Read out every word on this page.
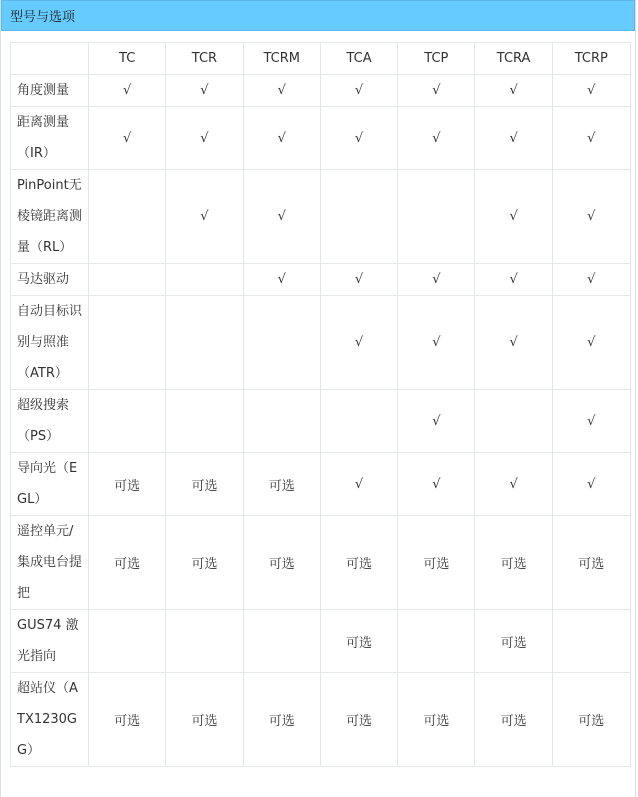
型号与选项
	TC	TCR	TCRM	TCA	TCP	TCRA	TCRP
角度测量	√	√	√	√	√	√	√
距离测量（IR）	√	√	√	√	√	√	√
PinPoint无棱镜距离测量（RL）		√	√			√	√
马达驱动			√	√	√	√	√
自动目标识别与照准（ATR）				√	√	√	√
超级搜索（PS）					√		√
导向光（EGL）	可选	可选	可选	√	√	√	√
遥控单元/集成电台提把	可选	可选	可选	可选	可选	可选	可选
GUS74 激光指向				可选		可选	
超站仪（ATX1230GG）	可选	可选	可选	可选	可选	可选	可选
